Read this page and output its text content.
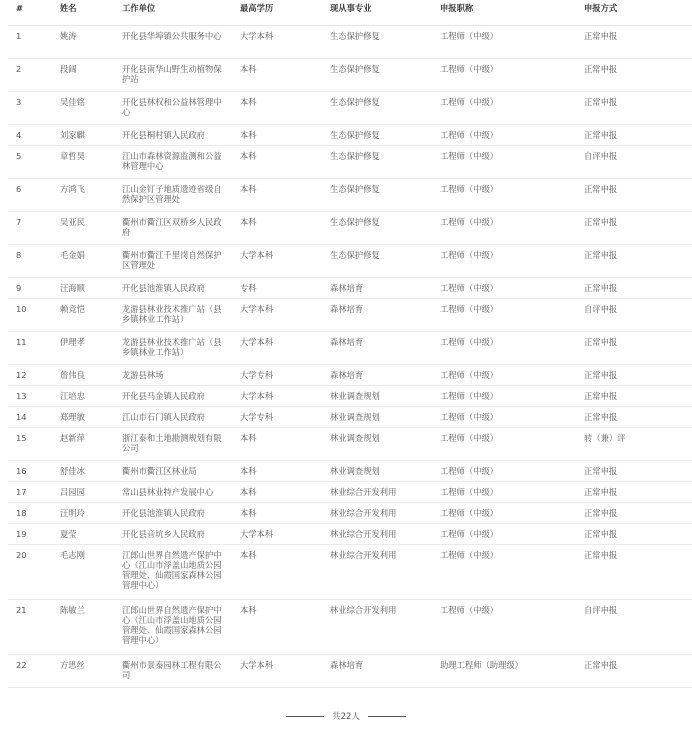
#	姓名	工作单位	最高学历	现从事专业	申报职称	申报方式
1	姚涛	开化县华埠镇公共服务中心	大学本科	生态保护修复	工程师（中级）	正常申报
2	段阔	开化县南华山野生动植物保护站	本科	生态保护修复	工程师（中级）	正常申报
3	吴佳铭	开化县林权和公益林管理中心	本科	生态保护修复	工程师（中级）	正常申报
4	刘家麒	开化县桐村镇人民政府	本科	生态保护修复	工程师（中级）	正常申报
5	章哲昊	江山市森林资源监测和公益林管理中心	本科	生态保护修复	工程师（中级）	自评申报
6	方鸿飞	江山金钉子地质遗迹省级自然保护区管理处	本科	生态保护修复	工程师（中级）	正常申报
7	吴亚民	衢州市衢江区双桥乡人民政府	本科	生态保护修复	工程师（中级）	正常申报
8	毛金娟	衢州市衢江千里岗自然保护区管理处	大学本科	生态保护修复	工程师（中级）	正常申报
9	汪海顺	开化县池淮镇人民政府	专科	森林培育	工程师（中级）	正常申报
10	赖竞恺	龙游县林业技术推广站（县乡镇林业工作站）	大学本科	森林培育	工程师（中级）	自评申报
11	伊理孝	龙游县林业技术推广站（县乡镇林业工作站）	大学本科	森林培育	工程师（中级）	正常申报
12	詹伟良	龙游县林场	大学专科	森林培育	工程师（中级）	正常申报
13	江培忠	开化县马金镇人民政府	大学本科	林业调查规划	工程师（中级）	正常申报
14	郑理敏	江山市石门镇人民政府	大学专科	林业调查规划	工程师（中级）	正常申报
15	赵新萍	浙江泰和土地勘测规划有限公司	本科	林业调查规划	工程师（中级）	转（兼）评
16	舒佳冰	衢州市衢江区林业局	本科	林业调查规划	工程师（中级）	正常申报
17	吕园园	常山县林业特产发展中心	本科	林业综合开发利用	工程师（中级）	正常申报
18	汪明玲	开化县池淮镇人民政府	本科	林业综合开发利用	工程师（中级）	正常申报
19	夏莹	开化县音坑乡人民政府	大学本科	林业综合开发利用	工程师（中级）	正常申报
20	毛志刚	江郎山世界自然遗产保护中心（江山市浮盖山地质公园管理处、仙霞国家森林公园管理中心）	本科	林业综合开发利用	工程师（中级）	正常申报
21	陈敏兰	江郎山世界自然遗产保护中心（江山市浮盖山地质公园管理处、仙霞国家森林公园管理中心）	本科	林业综合开发利用	工程师（中级）	自评申报
22	方思丝	衢州市景泰园林工程有限公司	大学本科	森林培育	助理工程师（助理级）	正常申报
共22人
